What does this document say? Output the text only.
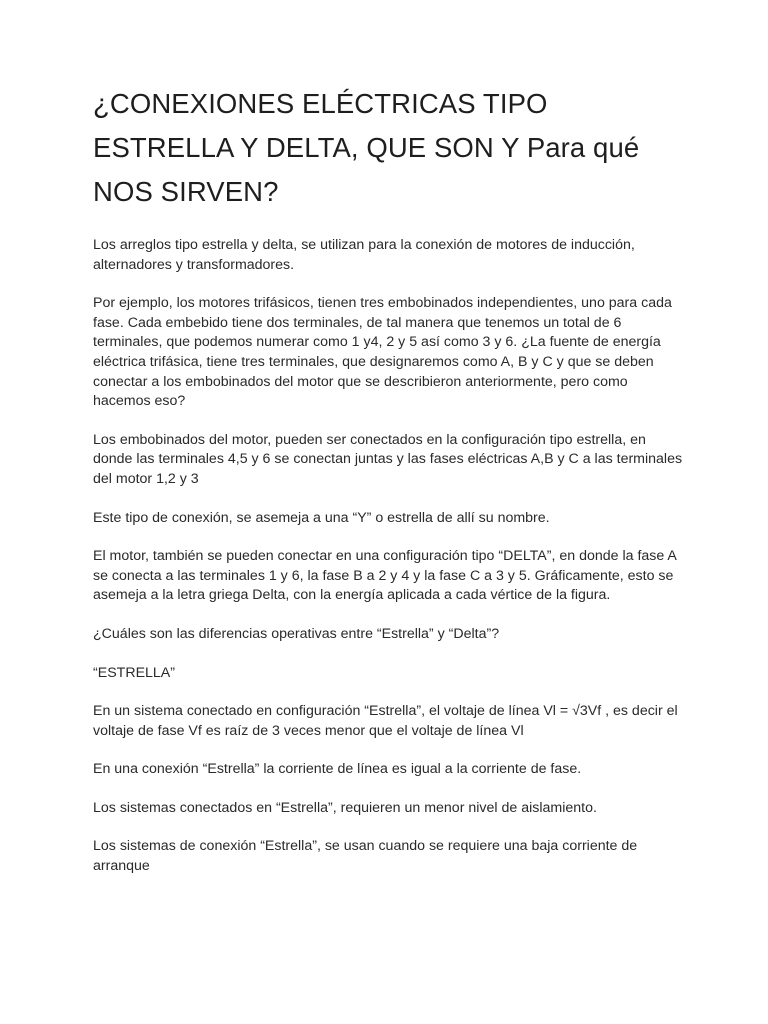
¿CONEXIONES ELÉCTRICAS TIPO ESTRELLA Y DELTA, QUE SON Y Para qué NOS SIRVEN?

Los arreglos tipo estrella y delta, se utilizan para la conexión de motores de inducción, alternadores y transformadores.

Por ejemplo, los motores trifásicos, tienen tres embobinados independientes, uno para cada fase. Cada embebido tiene dos terminales, de tal manera que tenemos un total de 6 terminales, que podemos numerar como 1 y4, 2 y 5 así como 3 y 6. ¿La fuente de energía eléctrica trifásica, tiene tres terminales, que designaremos como A, B y C y que se deben conectar a los embobinados del motor que se describieron anteriormente, pero como hacemos eso?

Los embobinados del motor, pueden ser conectados en la configuración tipo estrella, en donde las terminales 4,5 y 6 se conectan juntas y las fases eléctricas A,B y C a las terminales del motor 1,2 y 3

Este tipo de conexión, se asemeja a una “Y” o estrella de allí su nombre.

El motor, también se pueden conectar en una configuración tipo “DELTA”, en donde la fase A se conecta a las terminales 1 y 6, la fase B a 2 y 4 y la fase C a 3 y 5. Gráficamente, esto se asemeja a la letra griega Delta, con la energía aplicada a cada vértice de la figura.

¿Cuáles son las diferencias operativas entre “Estrella” y “Delta”?

“ESTRELLA”

En un sistema conectado en configuración “Estrella”, el voltaje de línea Vl = √3Vf , es decir el voltaje de fase Vf es raíz de 3 veces menor que el voltaje de línea Vl

En una conexión “Estrella” la corriente de línea es igual a la corriente de fase.

Los sistemas conectados en “Estrella”, requieren un menor nivel de aislamiento.

Los sistemas de conexión “Estrella”, se usan cuando se requiere una baja corriente de arranque
